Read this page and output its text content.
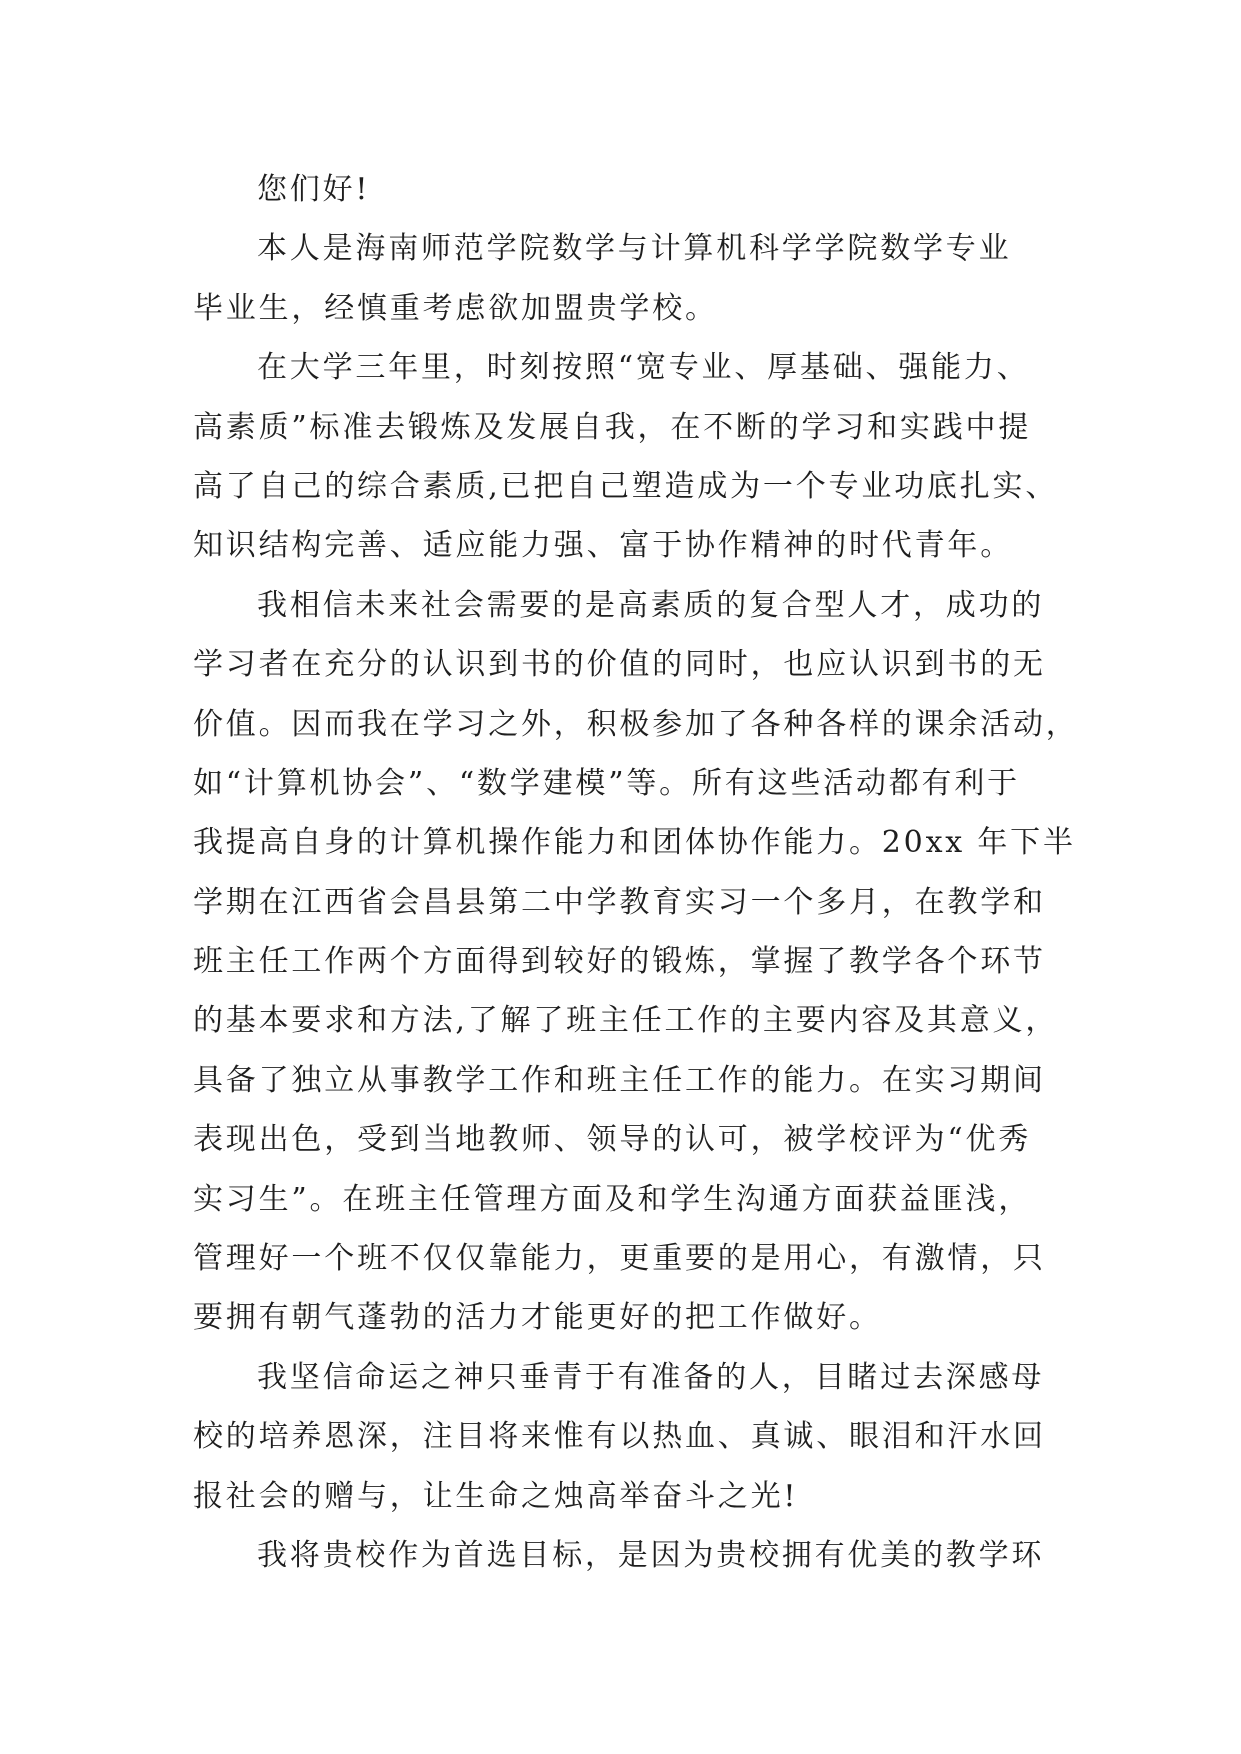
您们好!
本人是海南师范学院数学与计算机科学学院数学专业
毕业生，经慎重考虑欲加盟贵学校。
在大学三年里，时刻按照“宽专业、厚基础、强能力、
高素质”标准去锻炼及发展自我，在不断的学习和实践中提
高了自己的综合素质,已把自己塑造成为一个专业功底扎实、
知识结构完善、适应能力强、富于协作精神的时代青年。
我相信未来社会需要的是高素质的复合型人才，成功的
学习者在充分的认识到书的价值的同时，也应认识到书的无
价值。因而我在学习之外，积极参加了各种各样的课余活动，
如“计算机协会”、“数学建模”等。所有这些活动都有利于
我提高自身的计算机操作能力和团体协作能力。20xx 年下半
学期在江西省会昌县第二中学教育实习一个多月，在教学和
班主任工作两个方面得到较好的锻炼，掌握了教学各个环节
的基本要求和方法,了解了班主任工作的主要内容及其意义，
具备了独立从事教学工作和班主任工作的能力。在实习期间
表现出色，受到当地教师、领导的认可，被学校评为“优秀
实习生”。在班主任管理方面及和学生沟通方面获益匪浅，
管理好一个班不仅仅靠能力，更重要的是用心，有激情，只
要拥有朝气蓬勃的活力才能更好的把工作做好。
我坚信命运之神只垂青于有准备的人，目睹过去深感母
校的培养恩深，注目将来惟有以热血、真诚、眼泪和汗水回
报社会的赠与，让生命之烛高举奋斗之光!
我将贵校作为首选目标，是因为贵校拥有优美的教学环
